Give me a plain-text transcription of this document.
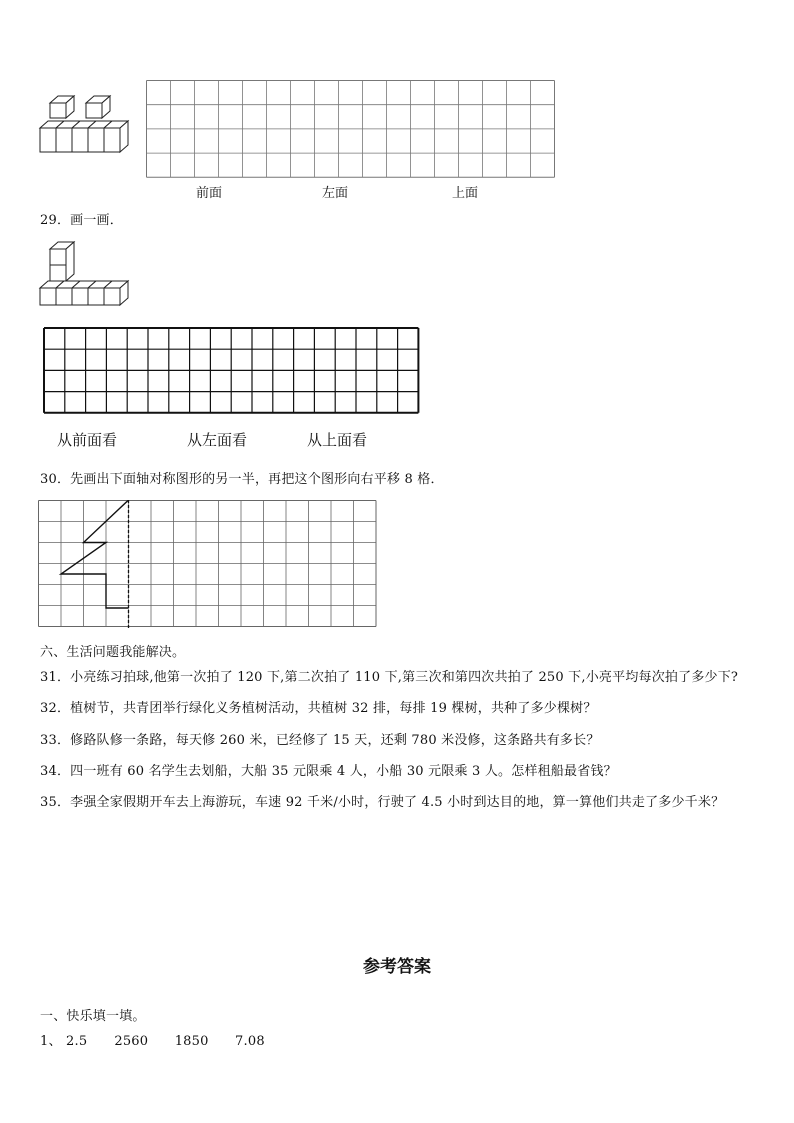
前面	左面	上面
29．画一画．
从前面看	从左面看	从上面看
30．先画出下面轴对称图形的另一半，再把这个图形向右平移 8 格．
六、生活问题我能解决。
31．小亮练习拍球,他第一次拍了 120 下,第二次拍了 110 下,第三次和第四次共拍了 250 下,小亮平均每次拍了多少下?
32．植树节，共青团举行绿化义务植树活动，共植树 32 排，每排 19 棵树，共种了多少棵树？
33．修路队修一条路，每天修 260 米，已经修了 15 天，还剩 780 米没修，这条路共有多长？
34．四一班有 60 名学生去划船，大船 35 元限乘 4 人，小船 30 元限乘 3 人。怎样租船最省钱？
35．李强全家假期开车去上海游玩，车速 92 千米/小时，行驶了 4.5 小时到达目的地，算一算他们共走了多少千米？
参考答案
一、快乐填一填。
1、 2.5 2560 1850 7.08
